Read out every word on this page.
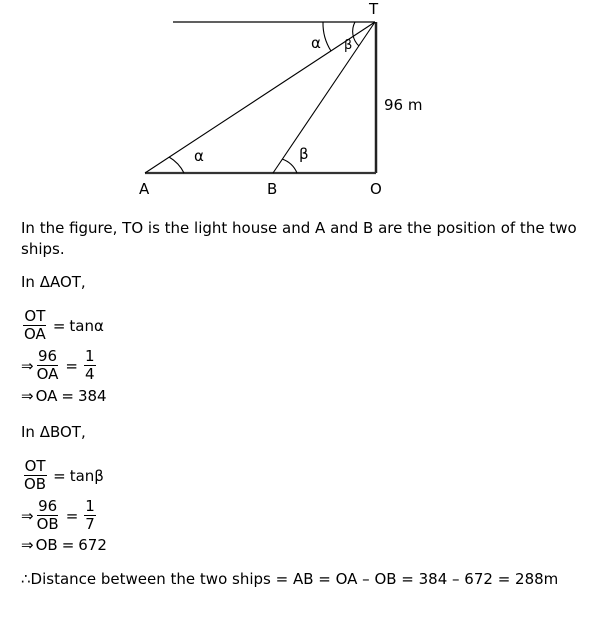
T
A	B	O
96 m
α	β
α β
In the figure, TO is the light house and A and B are the position of the two ships.
In ΔAOT,
$\frac{OT}{OA} = \tan \alpha$
⇒ $\frac{96}{OA} = \frac{1}{4}$
⇒ OA = 384
In ΔBOT,
$\frac{OT}{OB} = \tan \beta$
⇒ $\frac{96}{OB} = \frac{1}{7}$
⇒ OB = 672
∴Distance between the two ships = AB = OA – OB = 384 – 672 = 288m
